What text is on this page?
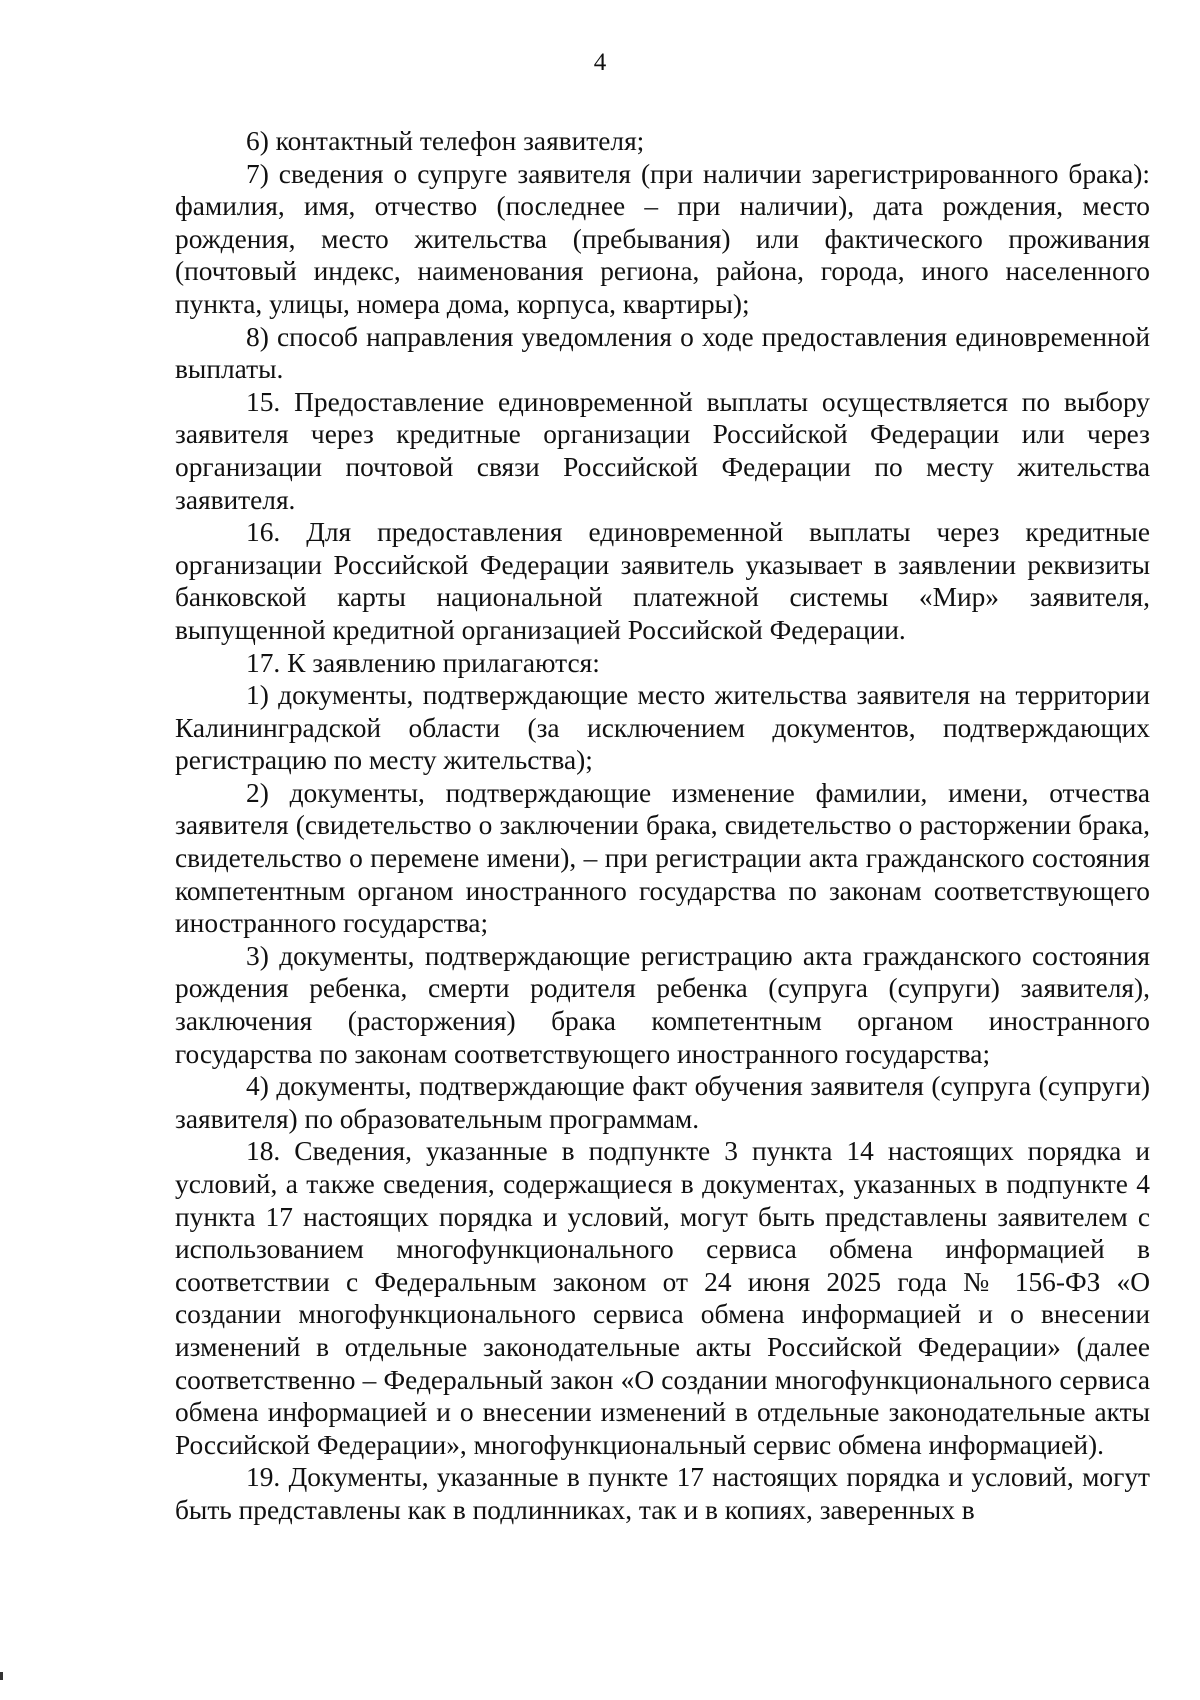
4

6) контактный телефон заявителя;

7) сведения о супруге заявителя (при наличии зарегистрированного брака): фамилия, имя, отчество (последнее – при наличии), дата рождения, место рождения, место жительства (пребывания) или фактического проживания (почтовый индекс, наименования региона, района, города, иного населенного пункта, улицы, номера дома, корпуса, квартиры);

8) способ направления уведомления о ходе предоставления единовременной выплаты.

15. Предоставление единовременной выплаты осуществляется по выбору заявителя через кредитные организации Российской Федерации или через организации почтовой связи Российской Федерации по месту жительства заявителя.

16. Для предоставления единовременной выплаты через кредитные организации Российской Федерации заявитель указывает в заявлении реквизиты банковской карты национальной платежной системы «Мир» заявителя, выпущенной кредитной организацией Российской Федерации.

17. К заявлению прилагаются:

1) документы, подтверждающие место жительства заявителя на территории Калининградской области (за исключением документов, подтверждающих регистрацию по месту жительства);

2) документы, подтверждающие изменение фамилии, имени, отчества заявителя (свидетельство о заключении брака, свидетельство о расторжении брака, свидетельство о перемене имени), – при регистрации акта гражданского состояния компетентным органом иностранного государства по законам соответствующего иностранного государства;

3) документы, подтверждающие регистрацию акта гражданского состояния рождения ребенка, смерти родителя ребенка (супруга (супруги) заявителя), заключения (расторжения) брака компетентным органом иностранного государства по законам соответствующего иностранного государства;

4) документы, подтверждающие факт обучения заявителя (супруга (супруги) заявителя) по образовательным программам.

18. Сведения, указанные в подпункте 3 пункта 14 настоящих порядка и условий, а также сведения, содержащиеся в документах, указанных в подпункте 4 пункта 17 настоящих порядка и условий, могут быть представлены заявителем с использованием многофункционального сервиса обмена информацией в соответствии с Федеральным законом от 24 июня 2025 года № 156-ФЗ «О создании многофункционального сервиса обмена информацией и о внесении изменений в отдельные законодательные акты Российской Федерации» (далее соответственно – Федеральный закон «О создании многофункционального сервиса обмена информацией и о внесении изменений в отдельные законодательные акты Российской Федерации», многофункциональный сервис обмена информацией).

19. Документы, указанные в пункте 17 настоящих порядка и условий, могут быть представлены как в подлинниках, так и в копиях, заверенных в
